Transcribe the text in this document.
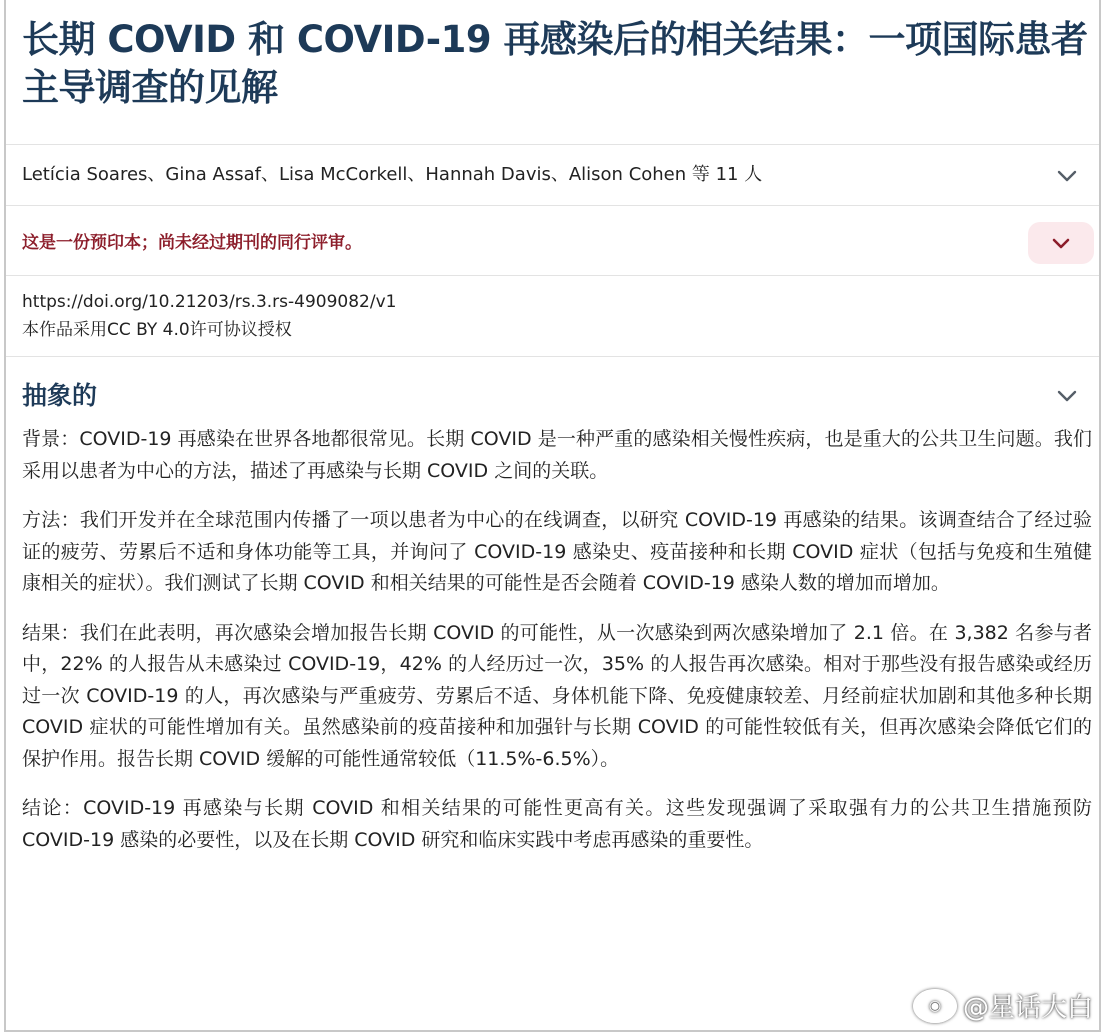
长期 COVID 和 COVID-19 再感染后的相关结果：一项国际患者主导调查的见解
Letícia Soares、Gina Assaf、Lisa McCorkell、Hannah Davis、Alison Cohen 等 11 人
这是一份预印本；尚未经过期刊的同行评审。
https://doi.org/10.21203/rs.3.rs-4909082/v1
本作品采用CC BY 4.0许可协议授权
抽象的

背景：COVID-19 再感染在世界各地都很常见。长期 COVID 是一种严重的感染相关慢性疾病，也是重大的公共卫生问题。我们采用以患者为中心的方法，描述了再感染与长期 COVID 之间的关联。

方法：我们开发并在全球范围内传播了一项以患者为中心的在线调查，以研究 COVID-19 再感染的结果。该调查结合了经过验证的疲劳、劳累后不适和身体功能等工具，并询问了 COVID-19 感染史、疫苗接种和长期 COVID 症状（包括与免疫和生殖健康相关的症状）。我们测试了长期 COVID 和相关结果的可能性是否会随着 COVID-19 感染人数的增加而增加。

结果：我们在此表明，再次感染会增加报告长期 COVID 的可能性，从一次感染到两次感染增加了 2.1 倍。在 3,382 名参与者中，22% 的人报告从未感染过 COVID-19，42% 的人经历过一次，35% 的人报告再次感染。相对于那些没有报告感染或经历过一次 COVID-19 的人，再次感染与严重疲劳、劳累后不适、身体机能下降、免疫健康较差、月经前症状加剧和其他多种长期 COVID 症状的可能性增加有关。虽然感染前的疫苗接种和加强针与长期 COVID 的可能性较低有关，但再次感染会降低它们的保护作用。报告长期 COVID 缓解的可能性通常较低（11.5%-6.5%）。

结论：COVID-19 再感染与长期 COVID 和相关结果的可能性更高有关。这些发现强调了采取强有力的公共卫生措施预防 COVID-19 感染的必要性，以及在长期 COVID 研究和临床实践中考虑再感染的重要性。

◉ @星话大白
